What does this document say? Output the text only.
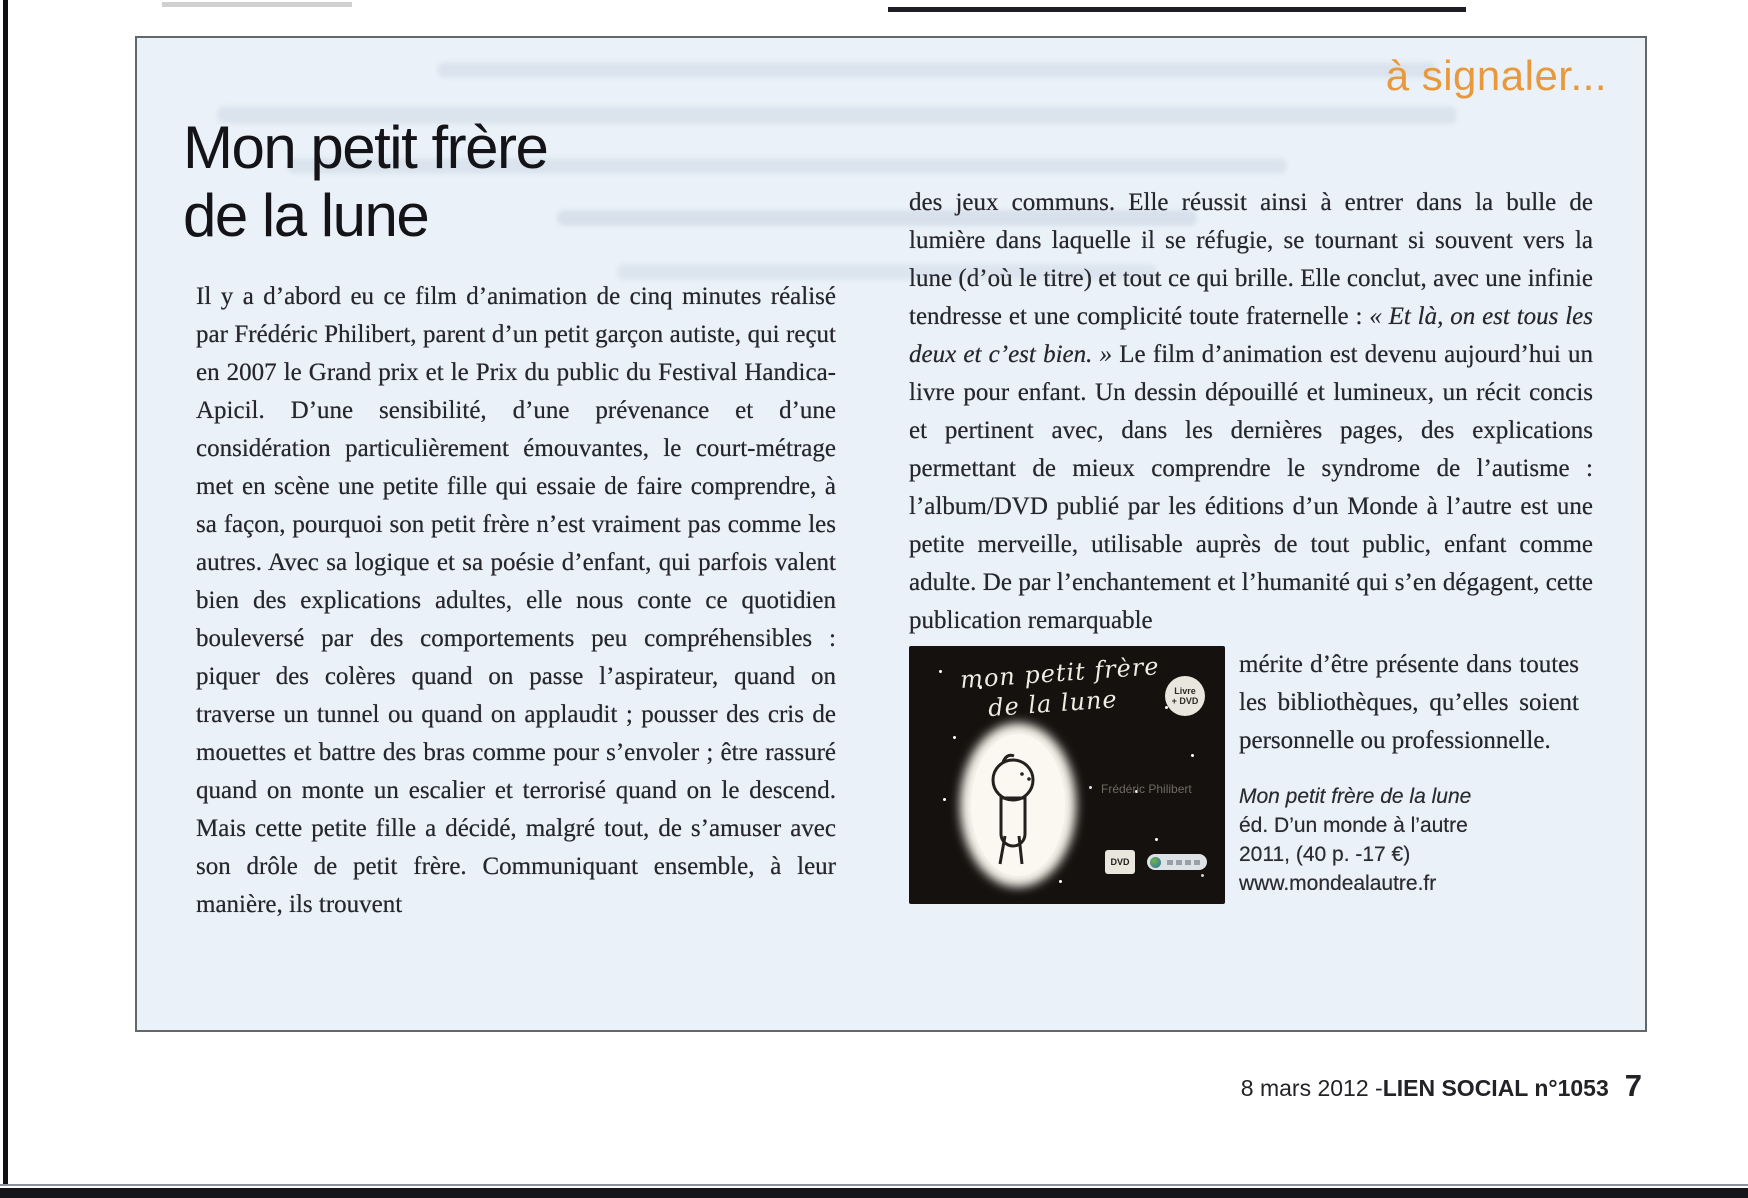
à signaler...
Mon petit frère
de la lune
Il y a d’abord eu ce film d’animation de cinq minutes réalisé par Frédéric Philibert, parent d’un petit garçon autiste, qui reçut en 2007 le Grand prix et le Prix du public du Festival Handica-Apicil. D’une sensibilité, d’une prévenance et d’une considération particulièrement émouvantes, le court-métrage met en scène une petite fille qui essaie de faire comprendre, à sa façon, pourquoi son petit frère n’est vraiment pas comme les autres. Avec sa logique et sa poésie d’enfant, qui parfois valent bien des explications adultes, elle nous conte ce quotidien bouleversé par des comportements peu compréhensibles : piquer des colères quand on passe l’aspirateur, quand on traverse un tunnel ou quand on applaudit ; pousser des cris de mouettes et battre des bras comme pour s’envoler ; être rassuré quand on monte un escalier et terrorisé quand on le descend. Mais cette petite fille a décidé, malgré tout, de s’amuser avec son drôle de petit frère. Communiquant ensemble, à leur manière, ils trouvent

des jeux communs. Elle réussit ainsi à entrer dans la bulle de lumière dans laquelle il se réfugie, se tournant si souvent vers la lune (d’où le titre) et tout ce qui brille. Elle conclut, avec une infinie tendresse et une complicité toute fraternelle : « Et là, on est tous les deux et c’est bien. » Le film d’animation est devenu aujourd’hui un livre pour enfant. Un dessin dépouillé et lumineux, un récit concis et pertinent avec, dans les dernières pages, des explications permettant de mieux comprendre le syndrome de l’autisme : l’album/DVD publié par les éditions d’un Monde à l’autre est une petite merveille, utilisable auprès de tout public, enfant comme adulte. De par l’enchantement et l’humanité qui s’en dégagent, cette publication remarquable

mon petit frère
de la lune	Livre
+ DVD
Frédéric Philibert
DVD
mérite d’être présente dans toutes les bibliothèques, qu’elles soient personnelle ou professionnelle.
Mon petit frère de la lune
éd. D’un monde à l’autre
2011, (40 p. -17 €)
www.mondealautre.fr
8 mars 2012 - LIEN SOCIAL n°1053 7
